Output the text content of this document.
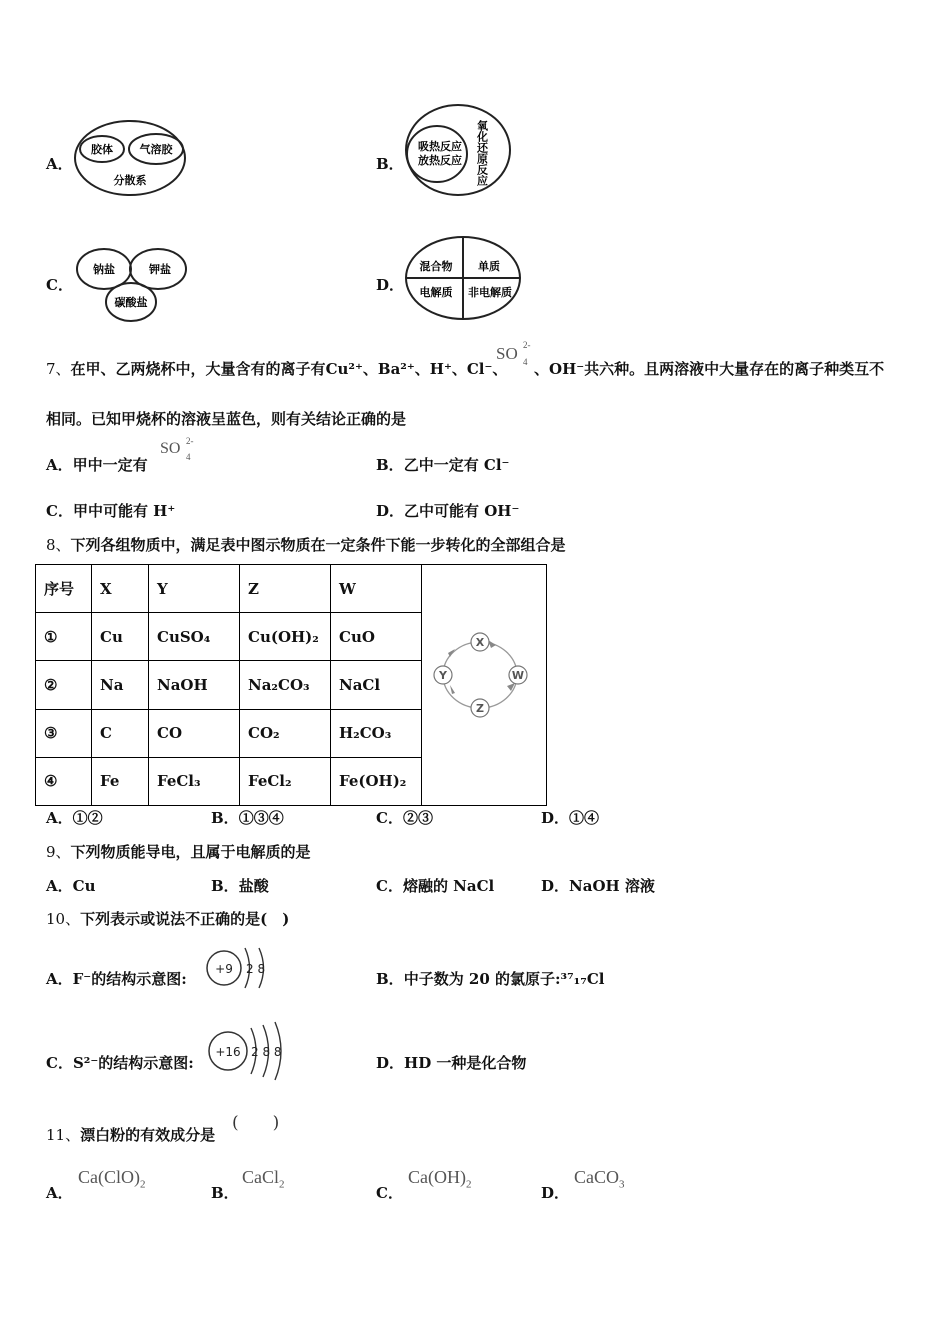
A．
胶体 气溶胶
分散系
B．
吸热反应
放热反应 氧化还原反应
C．
钠盐	钾盐
碳酸盐
D．
混合物 单质
电解质 非电解质
7、在甲、乙两烧杯中，大量含有的离子有Cu²⁺、Ba²⁺、H⁺、Cl⁻、
SO 2-
4 、OH⁻共六种。且两溶液中大量存在的离子种类互不
相同。已知甲烧杯的溶液呈蓝色，则有关结论正确的是
A．甲中一定有
SO 2-
4	B．乙中一定有 Cl⁻
C．甲中可能有 H⁺	D．乙中可能有 OH⁻
8、下列各组物质中，满足表中图示物质在一定条件下能一步转化的全部组合是
序号	X	Y	Z	W	X
Y W
Z

①	Cu	CuSO₄	Cu(OH)₂	CuO	
②	Na	NaOH	Na₂CO₃	NaCl	
③	C	CO	CO₂	H₂CO₃	
④	Fe	FeCl₃	FeCl₂	Fe(OH)₂	
A．①②	B．①③④	C．②③	D．①④
9、下列物质能导电，且属于电解质的是
A．Cu	B．盐酸	C．熔融的 NaCl	D．NaOH 溶液
10、下列表示或说法不正确的是(　)
A．F⁻的结构示意图:
+9 2 8
B．中子数为 20 的氯原子:³⁷₁₇Cl
C．S²⁻的结构示意图:
+16 2 8 8
D．HD 一种是化合物
11、漂白粉的有效成分是
(　　)
A．
$Ca(ClO)_2$	B．
CaCl$_2$	C．
$Ca(OH)_2$	D．
CaCO$_3$
